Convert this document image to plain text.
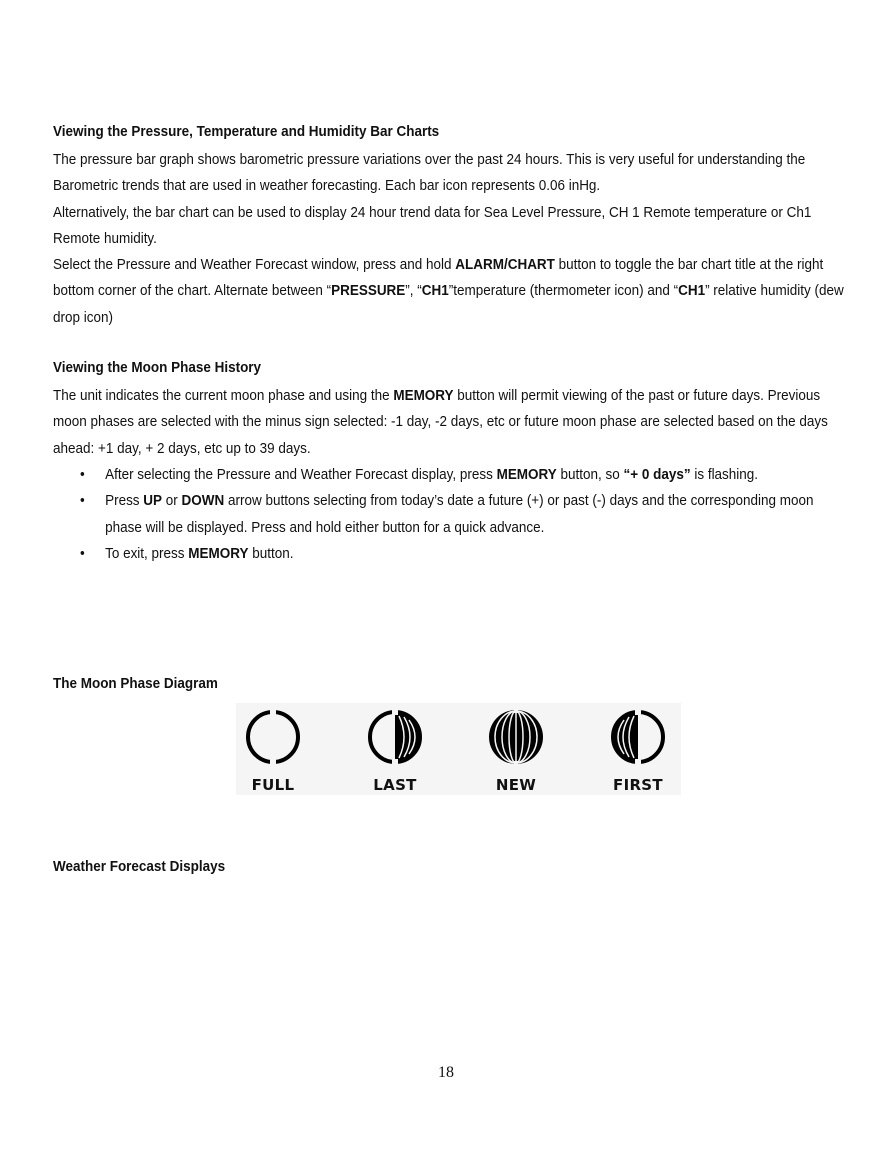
Viewing the Pressure, Temperature and Humidity Bar Charts

The pressure bar graph shows barometric pressure variations over the past 24 hours. This is very useful for understanding the Barometric trends that are used in weather forecasting. Each bar icon represents 0.06 inHg.

Alternatively, the bar chart can be used to display 24 hour trend data for Sea Level Pressure, CH 1 Remote temperature or Ch1 Remote humidity.

Select the Pressure and Weather Forecast window, press and hold ALARM/CHART button to toggle the bar chart title at the right bottom corner of the chart. Alternate between “PRESSURE”, “CH1”temperature (thermometer icon) and “CH1” relative humidity (dew drop icon)

Viewing the Moon Phase History

The unit indicates the current moon phase and using the MEMORY button will permit viewing of the past or future days. Previous moon phases are selected with the minus sign selected: -1 day, -2 days, etc or future moon phase are selected based on the days ahead: +1 day, + 2 days, etc up to 39 days.

• After selecting the Pressure and Weather Forecast display, press MEMORY button, so “+ 0 days” is flashing.
• Press UP or DOWN arrow buttons selecting from today’s date a future (+) or past (-) days and the corresponding moon phase will be displayed. Press and hold either button for a quick advance.
• To exit, press MEMORY button.
The Moon Phase Diagram
FULL	LAST	NEW	FIRST
Weather Forecast Displays
18
